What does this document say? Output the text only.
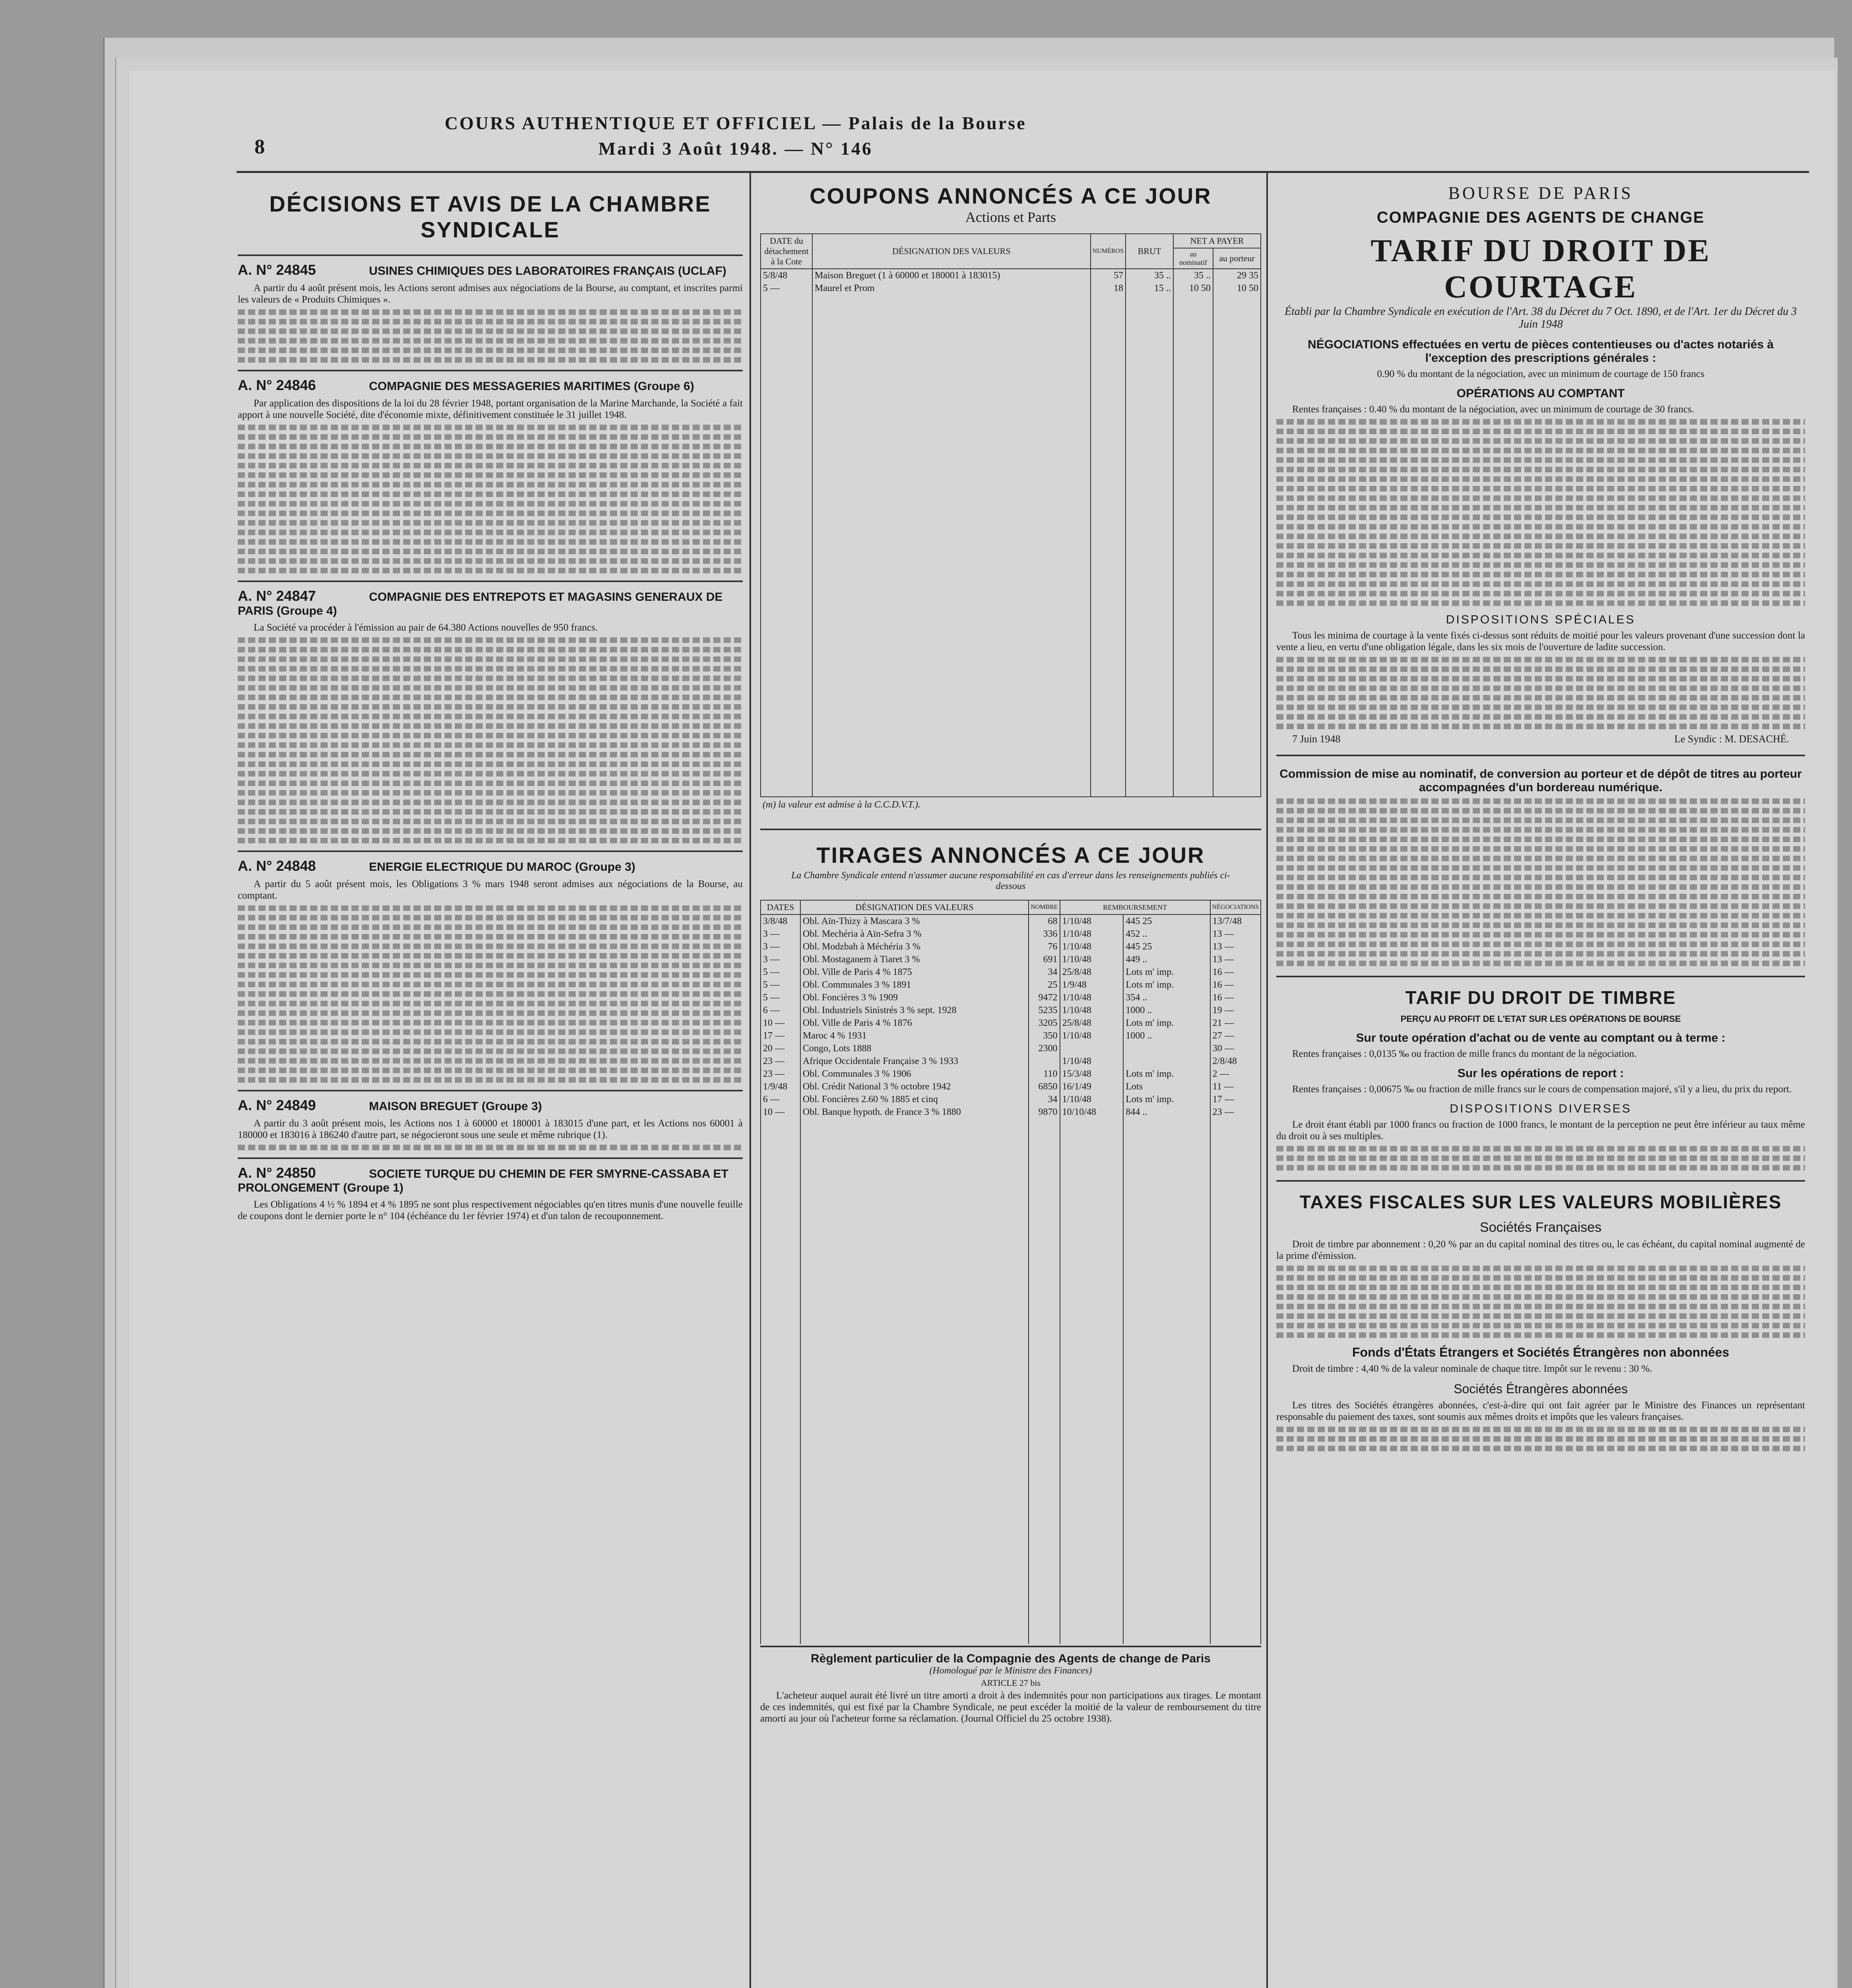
8
COURS AUTHENTIQUE ET OFFICIEL — Palais de la Bourse
Mardi 3 Août 1948. — N° 146
DÉCISIONS ET AVIS DE LA CHAMBRE SYNDICALE
A. N° 24845	USINES CHIMIQUES DES LABORATOIRES FRANÇAIS (UCLAF)

A partir du 4 août présent mois, les Actions seront admises aux négociations de la Bourse, au comptant, et inscrites parmi les valeurs de « Produits Chimiques ».

A. N° 24846	COMPAGNIE DES MESSAGERIES MARITIMES (Groupe 6)

Par application des dispositions de la loi du 28 février 1948, portant organisation de la Marine Marchande, la Société a fait apport à une nouvelle Société, dite d'économie mixte, définitivement constituée le 31 juillet 1948.

A. N° 24847	COMPAGNIE DES ENTREPOTS ET MAGASINS GENERAUX DE PARIS (Groupe 4)

La Société va procéder à l'émission au pair de 64.380 Actions nouvelles de 950 francs.

A. N° 24848	ENERGIE ELECTRIQUE DU MAROC (Groupe 3)

A partir du 5 août présent mois, les Obligations 3 % mars 1948 seront admises aux négociations de la Bourse, au comptant.

A. N° 24849	MAISON BREGUET (Groupe 3)

A partir du 3 août présent mois, les Actions nos 1 à 60000 et 180001 à 183015 d'une part, et les Actions nos 60001 à 180000 et 183016 à 186240 d'autre part, se négocieront sous une seule et même rubrique (1).

A. N° 24850	SOCIETE TURQUE DU CHEMIN DE FER SMYRNE-CASSABA ET PROLONGEMENT (Groupe 1)

Les Obligations 4 ½ % 1894 et 4 % 1895 ne sont plus respectivement négociables qu'en titres munis d'une nouvelle feuille de coupons dont le dernier porte le n° 104 (échéance du 1er février 1974) et d'un talon de recouponnement.

COUPONS ANNONCÉS A CE JOUR
Actions et Parts
DATE du détachement à la Cote	DÉSIGNATION DES VALEURS	NUMÉROS	BRUT	NET A PAYER	
				au nominatif	au porteur
5/8/48	Maison Breguet (1 à 60000 et 180001 à 183015)	57	35 ..	35 ..	29 35
5 —	Maurel et Prom	18	15 ..	10 50	10 50

(m) la valeur est admise à la C.C.D.V.T.).
TIRAGES ANNONCÉS A CE JOUR
La Chambre Syndicale entend n'assumer aucune responsabilité en cas d'erreur dans les renseignements publiés ci-dessous
DATES	DÉSIGNATION DES VALEURS	NOMBRE	REMBOURSEMENT		NÉGOCIATIONS
3/8/48	Obl. Aïn-Thizy à Mascara 3 %	68	1/10/48	445 25	13/7/48
3 —	Obl. Mechéria à Aïn-Sefra 3 %	336	1/10/48	452 ..	13 —
3 —	Obl. Modzbah à Méchéria 3 %	76	1/10/48	445 25	13 —
3 —	Obl. Mostaganem à Tiaret 3 %	691	1/10/48	449 ..	13 —
5 —	Obl. Ville de Paris 4 % 1875	34	25/8/48	Lots m' imp.	16 —
5 —	Obl. Communales 3 % 1891	25	1/9/48	Lots m' imp.	16 —
5 —	Obl. Foncières 3 % 1909	9472	1/10/48	354 ..	16 —
6 —	Obl. Industriels Sinistrés 3 % sept. 1928	5235	1/10/48	1000 ..	19 —
10 —	Obl. Ville de Paris 4 % 1876	3205	25/8/48	Lots m' imp.	21 —
17 —	Maroc 4 % 1931	350	1/10/48	1000 ..	27 —
20 —	Congo, Lots 1888	2300			30 —
23 —	Afrique Occidentale Française 3 % 1933		1/10/48		2/8/48
23 —	Obl. Communales 3 % 1906	110	15/3/48	Lots m' imp.	2 —
1/9/48	Obl. Crédit National 3 % octobre 1942	6850	16/1/49	Lots	11 —
6 —	Obl. Foncières 2.60 % 1885 et cinq	34	1/10/48	Lots m' imp.	17 —
10 —	Obl. Banque hypoth. de France 3 % 1880	9870	10/10/48	844 ..	23 —

Règlement particulier de la Compagnie des Agents de change de Paris
(Homologué par le Ministre des Finances)
ARTICLE 27 bis

L'acheteur auquel aurait été livré un titre amorti a droit à des indemnités pour non participations aux tirages. Le montant de ces indemnités, qui est fixé par la Chambre Syndicale, ne peut excéder la moitié de la valeur de remboursement du titre amorti au jour où l'acheteur forme sa réclamation. (Journal Officiel du 25 octobre 1938).

BOURSE DE PARIS
COMPAGNIE DES AGENTS DE CHANGE
TARIF DU DROIT DE COURTAGE
Établi par la Chambre Syndicale en exécution de l'Art. 38 du Décret du 7 Oct. 1890, et de l'Art. 1er du Décret du 3 Juin 1948
NÉGOCIATIONS effectuées en vertu de pièces contentieuses ou d'actes notariés à l'exception des prescriptions générales :

0.90 % du montant de la négociation, avec un minimum de courtage de 150 francs

OPÉRATIONS AU COMPTANT

Rentes françaises : 0.40 % du montant de la négociation, avec un minimum de courtage de 30 francs.

DISPOSITIONS SPÉCIALES

Tous les minima de courtage à la vente fixés ci-dessus sont réduits de moitié pour les valeurs provenant d'une succession dont la vente a lieu, en vertu d'une obligation légale, dans les six mois de l'ouverture de ladite succession.

7 Juin 1948	Le Syndic : M. DESACHÉ.
Commission de mise au nominatif, de conversion au porteur et de dépôt de titres au porteur accompagnées d'un bordereau numérique.
TARIF DU DROIT DE TIMBRE
PERÇU AU PROFIT DE L'ETAT SUR LES OPÉRATIONS DE BOURSE
Sur toute opération d'achat ou de vente au comptant ou à terme :

Rentes françaises : 0,0135 ‰ ou fraction de mille francs du montant de la négociation.

Sur les opérations de report :

Rentes françaises : 0,00675 ‰ ou fraction de mille francs sur le cours de compensation majoré, s'il y a lieu, du prix du report.

DISPOSITIONS DIVERSES

Le droit étant établi par 1000 francs ou fraction de 1000 francs, le montant de la perception ne peut être inférieur au taux même du droit ou à ses multiples.

TAXES FISCALES SUR LES VALEURS MOBILIÈRES
Sociétés Françaises

Droit de timbre par abonnement : 0,20 % par an du capital nominal des titres ou, le cas échéant, du capital nominal augmenté de la prime d'émission.

Fonds d'États Étrangers et Sociétés Étrangères non abonnées

Droit de timbre : 4,40 % de la valeur nominale de chaque titre. Impôt sur le revenu : 30 %.

Sociétés Étrangères abonnées

Les titres des Sociétés étrangères abonnées, c'est-à-dire qui ont fait agréer par le Ministre des Finances un représentant responsable du paiement des taxes, sont soumis aux mêmes droits et impôts que les valeurs françaises.
